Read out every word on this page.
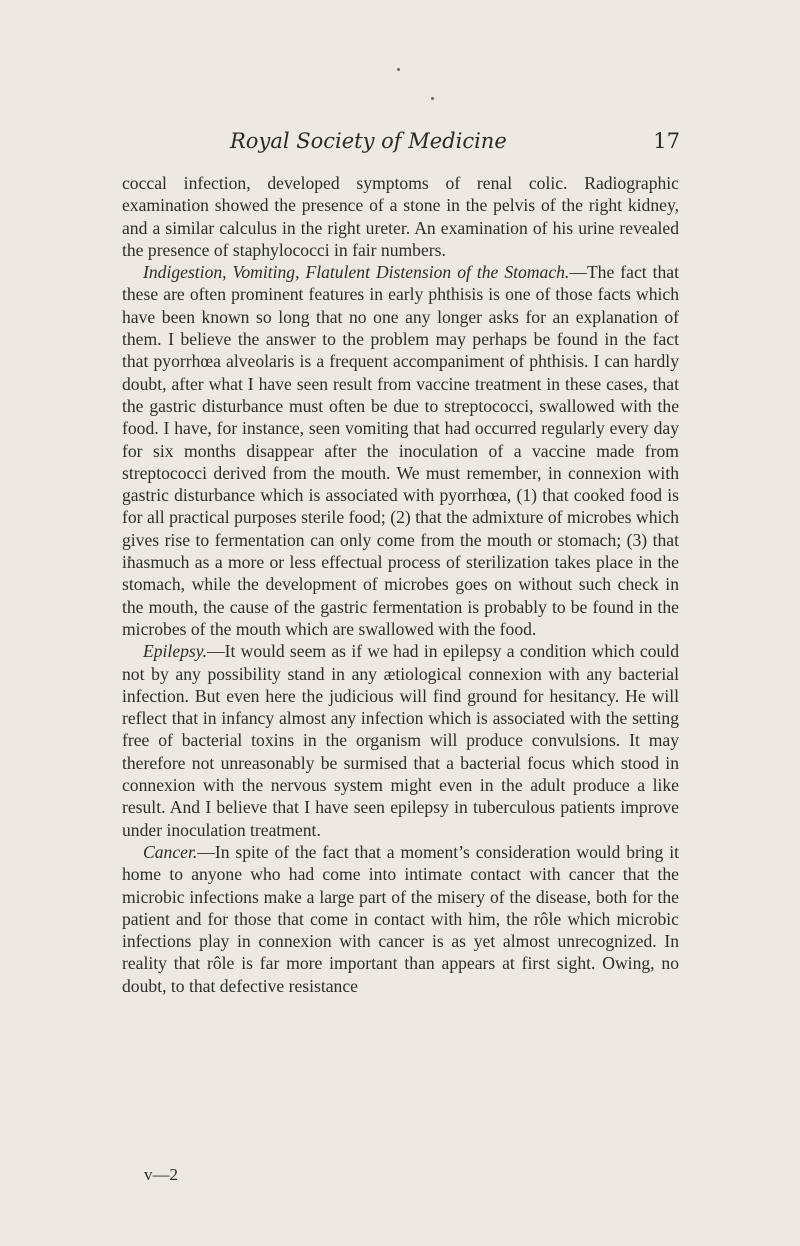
Royal Society of Medicine	17

coccal infection, developed symptoms of renal colic. Radiographic examination showed the presence of a stone in the pelvis of the right kidney, and a similar calculus in the right ureter. An examination of his urine revealed the presence of staphylococci in fair numbers.

Indigestion, Vomiting, Flatulent Distension of the Stomach.—The fact that these are often prominent features in early phthisis is one of those facts which have been known so long that no one any longer asks for an explanation of them. I believe the answer to the problem may perhaps be found in the fact that pyorrhœa alveolaris is a frequent accompaniment of phthisis. I can hardly doubt, after what I have seen result from vaccine treatment in these cases, that the gastric disturbance must often be due to streptococci, swallowed with the food. I have, for instance, seen vomiting that had occurred regularly every day for six months disappear after the inoculation of a vaccine made from streptococci derived from the mouth. We must remember, in connexion with gastric disturbance which is associated with pyorrhœa, (1) that cooked food is for all practical purposes sterile food; (2) that the admixture of microbes which gives rise to fermentation can only come from the mouth or stomach; (3) that inasmuch as a more or less effectual process of sterilization takes place in the stomach, while the development of microbes goes on without such check in the mouth, the cause of the gastric fermentation is probably to be found in the microbes of the mouth which are swallowed with the food.

Epilepsy.—It would seem as if we had in epilepsy a condition which could not by any possibility stand in any ætiological connexion with any bacterial infection. But even here the judicious will find ground for hesitancy. He will reflect that in infancy almost any infection which is associated with the setting free of bacterial toxins in the organism will produce convulsions. It may therefore not unreasonably be surmised that a bacterial focus which stood in connexion with the nervous system might even in the adult produce a like result. And I believe that I have seen epilepsy in tuberculous patients improve under inoculation treatment.

Cancer.—In spite of the fact that a moment’s consideration would bring it home to anyone who had come into intimate contact with cancer that the microbic infections make a large part of the misery of the disease, both for the patient and for those that come in contact with him, the rôle which microbic infections play in connexion with cancer is as yet almost unrecognized. In reality that rôle is far more important than appears at first sight. Owing, no doubt, to that defective resistance

v—2
